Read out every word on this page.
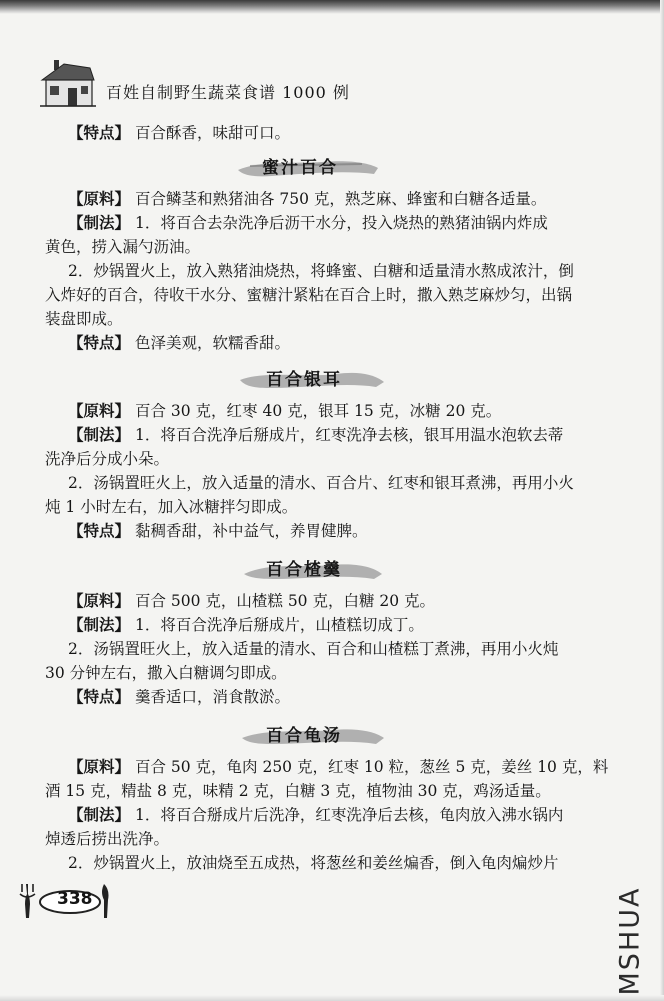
百姓自制野生蔬菜食谱 1000 例
【特点】 百合酥香，味甜可口。
蜜汁百合
【原料】 百合鳞茎和熟猪油各 750 克，熟芝麻、蜂蜜和白糖各适量。
【制法】 1．将百合去杂洗净后沥干水分，投入烧热的熟猪油锅内炸成
黄色，捞入漏勺沥油。
2．炒锅置火上，放入熟猪油烧热，将蜂蜜、白糖和适量清水熬成浓汁，倒
入炸好的百合，待收干水分、蜜糖汁紧粘在百合上时，撒入熟芝麻炒匀，出锅
装盘即成。
【特点】 色泽美观，软糯香甜。
百合银耳
【原料】 百合 30 克，红枣 40 克，银耳 15 克，冰糖 20 克。
【制法】 1．将百合洗净后掰成片，红枣洗净去核，银耳用温水泡软去蒂
洗净后分成小朵。
2．汤锅置旺火上，放入适量的清水、百合片、红枣和银耳煮沸，再用小火
炖 1 小时左右，加入冰糖拌匀即成。
【特点】 黏稠香甜，补中益气，养胃健脾。
百合楂羹
【原料】 百合 500 克，山楂糕 50 克，白糖 20 克。
【制法】 1．将百合洗净后掰成片，山楂糕切成丁。
2．汤锅置旺火上，放入适量的清水、百合和山楂糕丁煮沸，再用小火炖
30 分钟左右，撒入白糖调匀即成。
【特点】 羹香适口，消食散淤。
百合龟汤
【原料】 百合 50 克，龟肉 250 克，红枣 10 粒，葱丝 5 克，姜丝 10 克，料
酒 15 克，精盐 8 克，味精 2 克，白糖 3 克，植物油 30 克，鸡汤适量。
【制法】 1．将百合掰成片后洗净，红枣洗净后去核，龟肉放入沸水锅内
焯透后捞出洗净。
2．炒锅置火上，放油烧至五成热，将葱丝和姜丝煸香，倒入龟肉煸炒片
338	MSHUA
